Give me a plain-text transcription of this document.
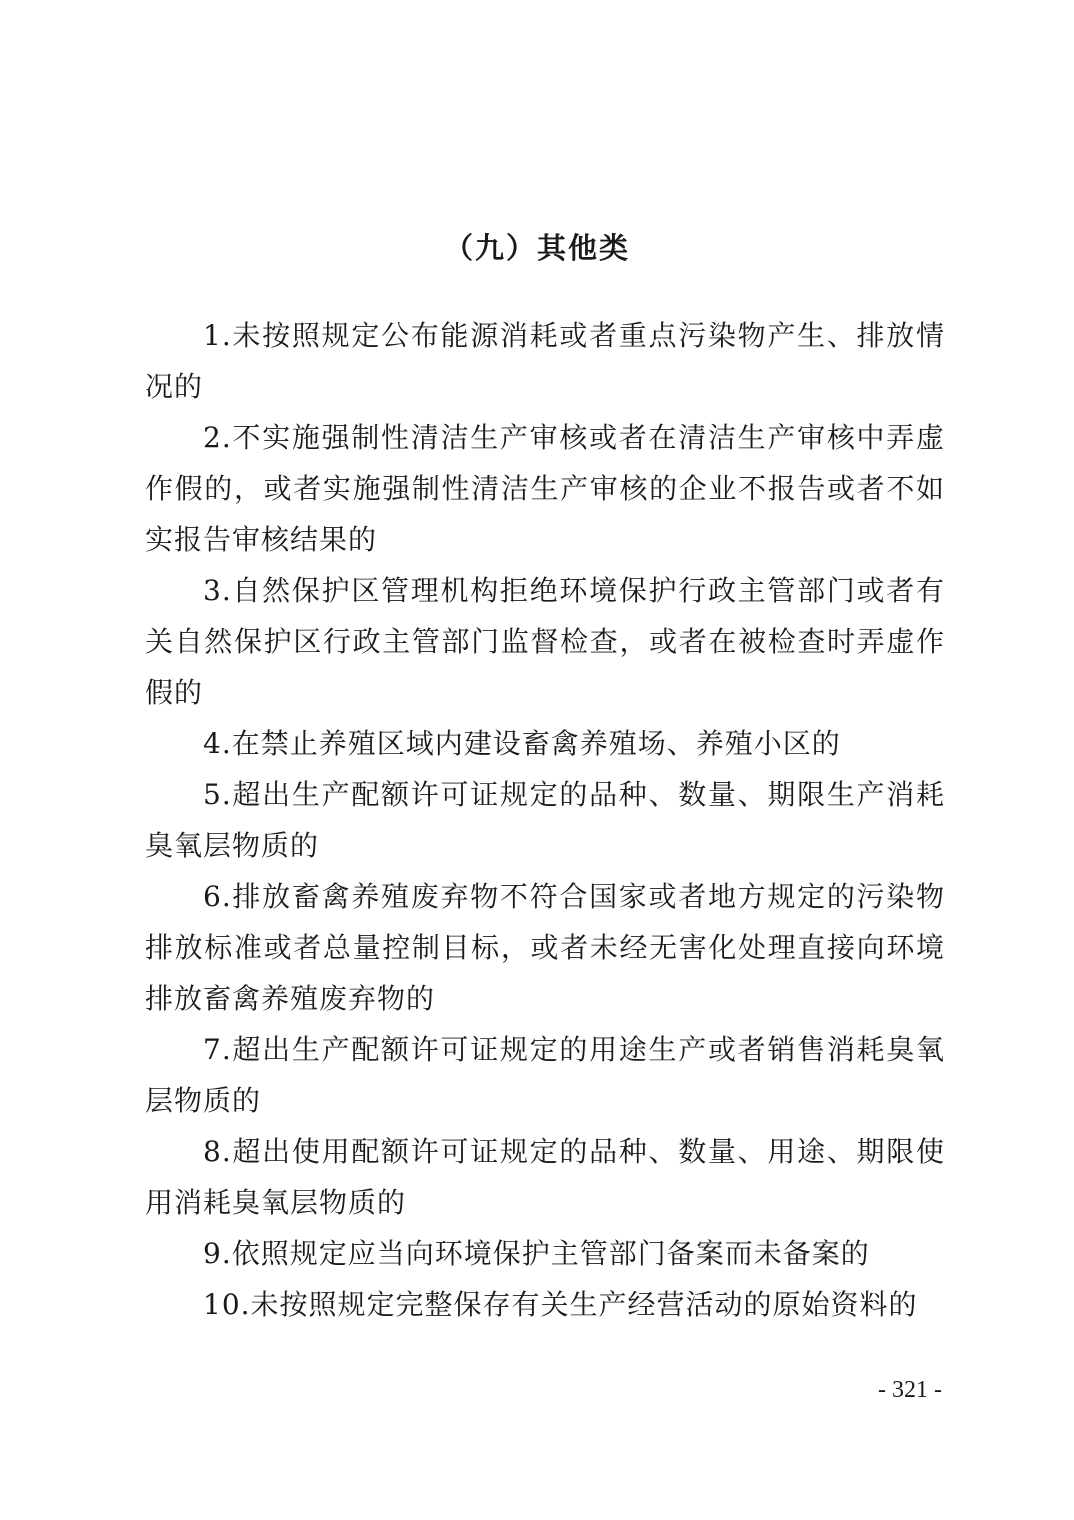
（九）其他类

1.未按照规定公布能源消耗或者重点污染物产生、排放情况的

2.不实施强制性清洁生产审核或者在清洁生产审核中弄虚作假的，或者实施强制性清洁生产审核的企业不报告或者不如实报告审核结果的

3.自然保护区管理机构拒绝环境保护行政主管部门或者有关自然保护区行政主管部门监督检查，或者在被检查时弄虚作假的

4.在禁止养殖区域内建设畜禽养殖场、养殖小区的

5.超出生产配额许可证规定的品种、数量、期限生产消耗臭氧层物质的

6.排放畜禽养殖废弃物不符合国家或者地方规定的污染物排放标准或者总量控制目标，或者未经无害化处理直接向环境排放畜禽养殖废弃物的

7.超出生产配额许可证规定的用途生产或者销售消耗臭氧层物质的

8.超出使用配额许可证规定的品种、数量、用途、期限使用消耗臭氧层物质的

9.依照规定应当向环境保护主管部门备案而未备案的

10.未按照规定完整保存有关生产经营活动的原始资料的

- 321 -
